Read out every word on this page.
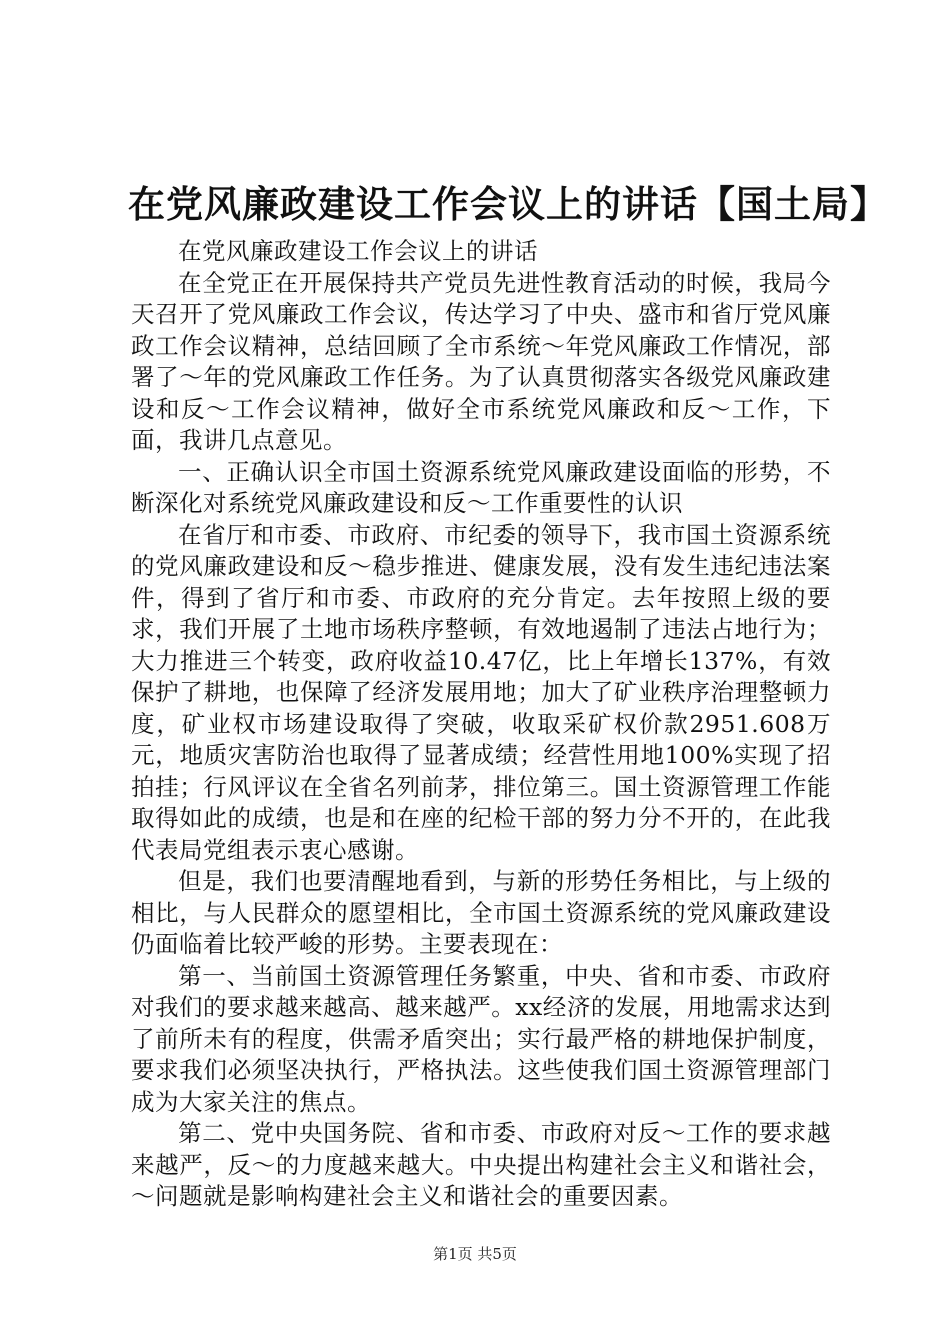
在党风廉政建设工作会议上的讲话【国土局】

在党风廉政建设工作会议上的讲话

在全党正在开展保持共产党员先进性教育活动的时候，我局今天召开了党风廉政工作会议，传达学习了中央、盛市和省厅党风廉政工作会议精神，总结回顾了全市系统～年党风廉政工作情况，部署了～年的党风廉政工作任务。为了认真贯彻落实各级党风廉政建设和反～工作会议精神，做好全市系统党风廉政和反～工作，下面，我讲几点意见。

一、正确认识全市国土资源系统党风廉政建设面临的形势，不断深化对系统党风廉政建设和反～工作重要性的认识

在省厅和市委、市政府、市纪委的领导下，我市国土资源系统的党风廉政建设和反～稳步推进、健康发展，没有发生违纪违法案件，得到了省厅和市委、市政府的充分肯定。去年按照上级的要求，我们开展了土地市场秩序整顿，有效地遏制了违法占地行为；大力推进三个转变，政府收益10.47亿，比上年增长137%，有效保护了耕地，也保障了经济发展用地；加大了矿业秩序治理整顿力度，矿业权市场建设取得了突破，收取采矿权价款2951.608万元，地质灾害防治也取得了显著成绩；经营性用地100%实现了招拍挂；行风评议在全省名列前茅，排位第三。国土资源管理工作能取得如此的成绩，也是和在座的纪检干部的努力分不开的，在此我代表局党组表示衷心感谢。

但是，我们也要清醒地看到，与新的形势任务相比，与上级的相比，与人民群众的愿望相比，全市国土资源系统的党风廉政建设仍面临着比较严峻的形势。主要表现在：

第一、当前国土资源管理任务繁重，中央、省和市委、市政府对我们的要求越来越高、越来越严。xx经济的发展，用地需求达到了前所未有的程度，供需矛盾突出；实行最严格的耕地保护制度，要求我们必须坚决执行，严格执法。这些使我们国土资源管理部门成为大家关注的焦点。

第二、党中央国务院、省和市委、市政府对反～工作的要求越来越严，反～的力度越来越大。中央提出构建社会主义和谐社会，～问题就是影响构建社会主义和谐社会的重要因素。

第1页 共5页
